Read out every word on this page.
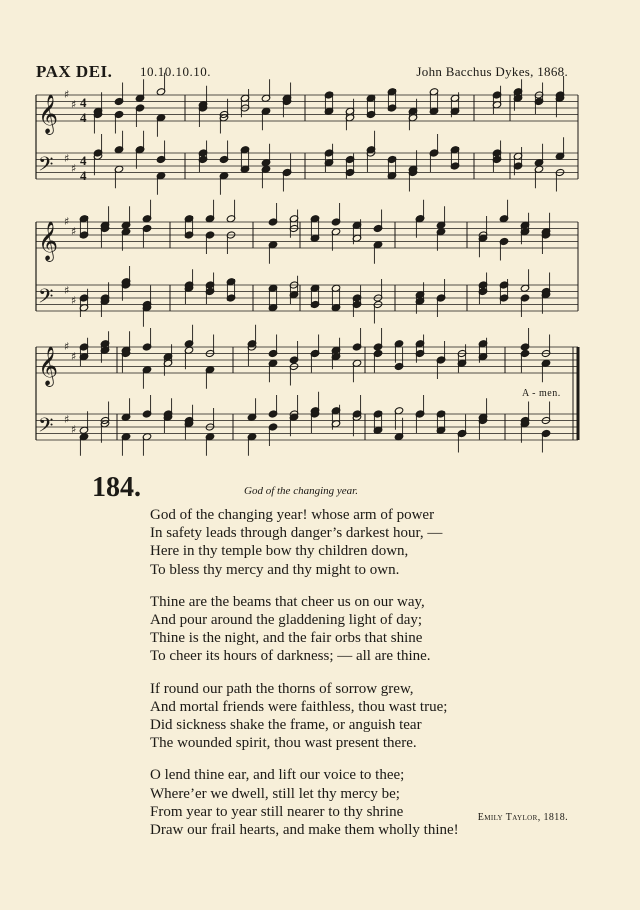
PAX DEI. 10.10.10.10.	John Bacchus Dykes, 1868.
𝄞 ♯
♯ 4
4
𝄢 ♯
♯
4
4
𝄞 ♯
♯
𝄢 ♯
♯
𝄞 ♯
♯
𝄢 ♯
♯
A - men.
184.	God of the changing year.
God of the changing year! whose arm of power
In safety leads through danger’s darkest hour, —
Here in thy temple bow thy children down,
To bless thy mercy and thy might to own.
Thine are the beams that cheer us on our way,
And pour around the gladdening light of day;
Thine is the night, and the fair orbs that shine
To cheer its hours of darkness; — all are thine.
If round our path the thorns of sorrow grew,
And mortal friends were faithless, thou wast true;
Did sickness shake the frame, or anguish tear
The wounded spirit, thou wast present there.
O lend thine ear, and lift our voice to thee;
Where’er we dwell, still let thy mercy be;
From year to year still nearer to thy shrine
Draw our frail hearts, and make them wholly thine!
Emily Taylor, 1818.
